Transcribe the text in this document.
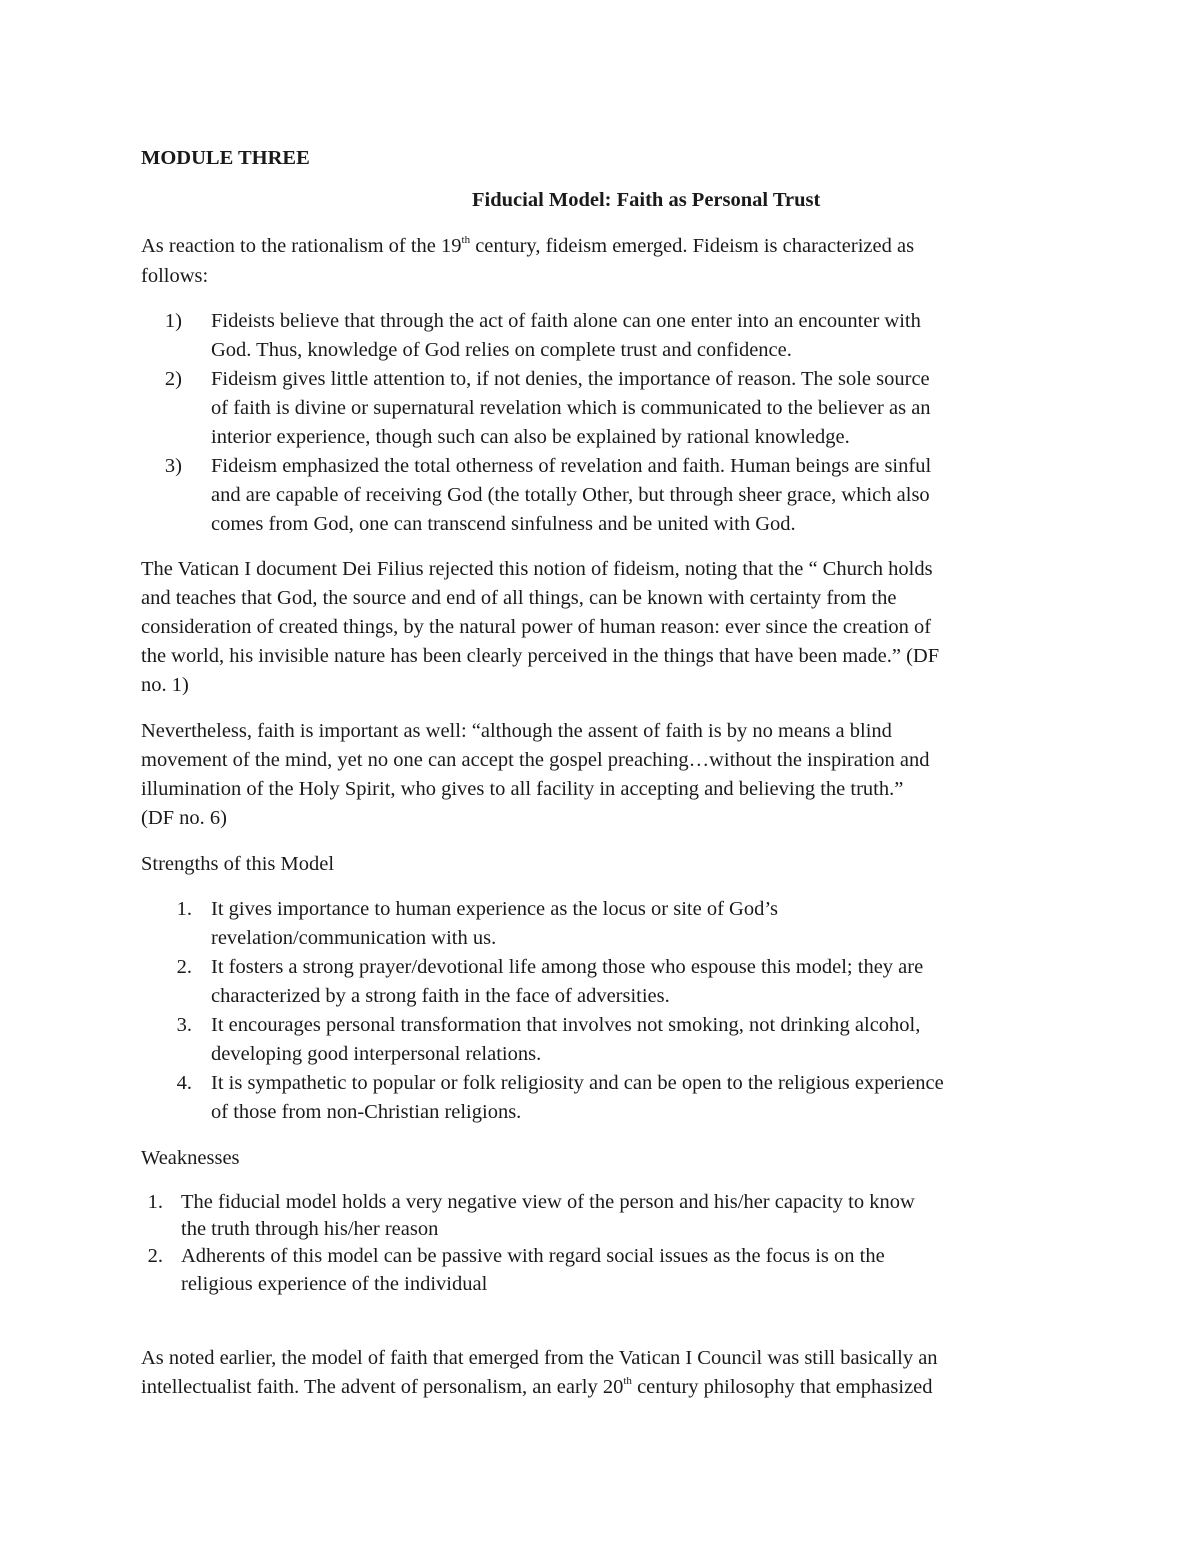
MODULE THREE
Fiducial Model: Faith as Personal Trust
As reaction to the rationalism of the 19th century, fideism emerged. Fideism is characterized as
follows:
1) Fideists believe that through the act of faith alone can one enter into an encounter with
God. Thus, knowledge of God relies on complete trust and confidence.
2) Fideism gives little attention to, if not denies, the importance of reason. The sole source
of faith is divine or supernatural revelation which is communicated to the believer as an
interior experience, though such can also be explained by rational knowledge.
3) Fideism emphasized the total otherness of revelation and faith. Human beings are sinful
and are capable of receiving God (the totally Other, but through sheer grace, which also
comes from God, one can transcend sinfulness and be united with God.
The Vatican I document Dei Filius rejected this notion of fideism, noting that the “ Church holds
and teaches that God, the source and end of all things, can be known with certainty from the
consideration of created things, by the natural power of human reason: ever since the creation of
the world, his invisible nature has been clearly perceived in the things that have been made.” (DF
no. 1)
Nevertheless, faith is important as well: “although the assent of faith is by no means a blind
movement of the mind, yet no one can accept the gospel preaching…without the inspiration and
illumination of the Holy Spirit, who gives to all facility in accepting and believing the truth.”
(DF no. 6)
Strengths of this Model
1. It gives importance to human experience as the locus or site of God’s
revelation/communication with us.
2. It fosters a strong prayer/devotional life among those who espouse this model; they are
characterized by a strong faith in the face of adversities.
3. It encourages personal transformation that involves not smoking, not drinking alcohol,
developing good interpersonal relations.
4. It is sympathetic to popular or folk religiosity and can be open to the religious experience
of those from non-Christian religions.
Weaknesses
1. The fiducial model holds a very negative view of the person and his/her capacity to know
the truth through his/her reason
2. Adherents of this model can be passive with regard social issues as the focus is on the
religious experience of the individual
As noted earlier, the model of faith that emerged from the Vatican I Council was still basically an
intellectualist faith. The advent of personalism, an early 20th century philosophy that emphasized
